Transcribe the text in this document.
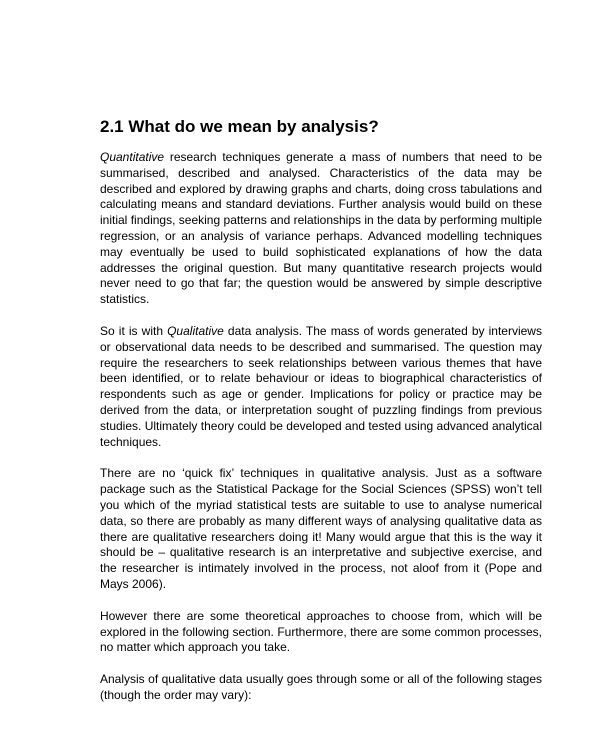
2.1 What do we mean by analysis?

Quantitative research techniques generate a mass of numbers that need to be summarised, described and analysed. Characteristics of the data may be described and explored by drawing graphs and charts, doing cross tabulations and calculating means and standard deviations. Further analysis would build on these initial findings, seeking patterns and relationships in the data by performing multiple regression, or an analysis of variance perhaps. Advanced modelling techniques may eventually be used to build sophisticated explanations of how the data addresses the original question. But many quantitative research projects would never need to go that far; the question would be answered by simple descriptive statistics.

So it is with Qualitative data analysis. The mass of words generated by interviews or observational data needs to be described and summarised. The question may require the researchers to seek relationships between various themes that have been identified, or to relate behaviour or ideas to biographical characteristics of respondents such as age or gender. Implications for policy or practice may be derived from the data, or interpretation sought of puzzling findings from previous studies. Ultimately theory could be developed and tested using advanced analytical techniques.

There are no ‘quick fix’ techniques in qualitative analysis. Just as a software package such as the Statistical Package for the Social Sciences (SPSS) won’t tell you which of the myriad statistical tests are suitable to use to analyse numerical data, so there are probably as many different ways of analysing qualitative data as there are qualitative researchers doing it! Many would argue that this is the way it should be – qualitative research is an interpretative and subjective exercise, and the researcher is intimately involved in the process, not aloof from it (Pope and Mays 2006).

However there are some theoretical approaches to choose from, which will be explored in the following section. Furthermore, there are some common processes, no matter which approach you take.

Analysis of qualitative data usually goes through some or all of the following stages (though the order may vary):
